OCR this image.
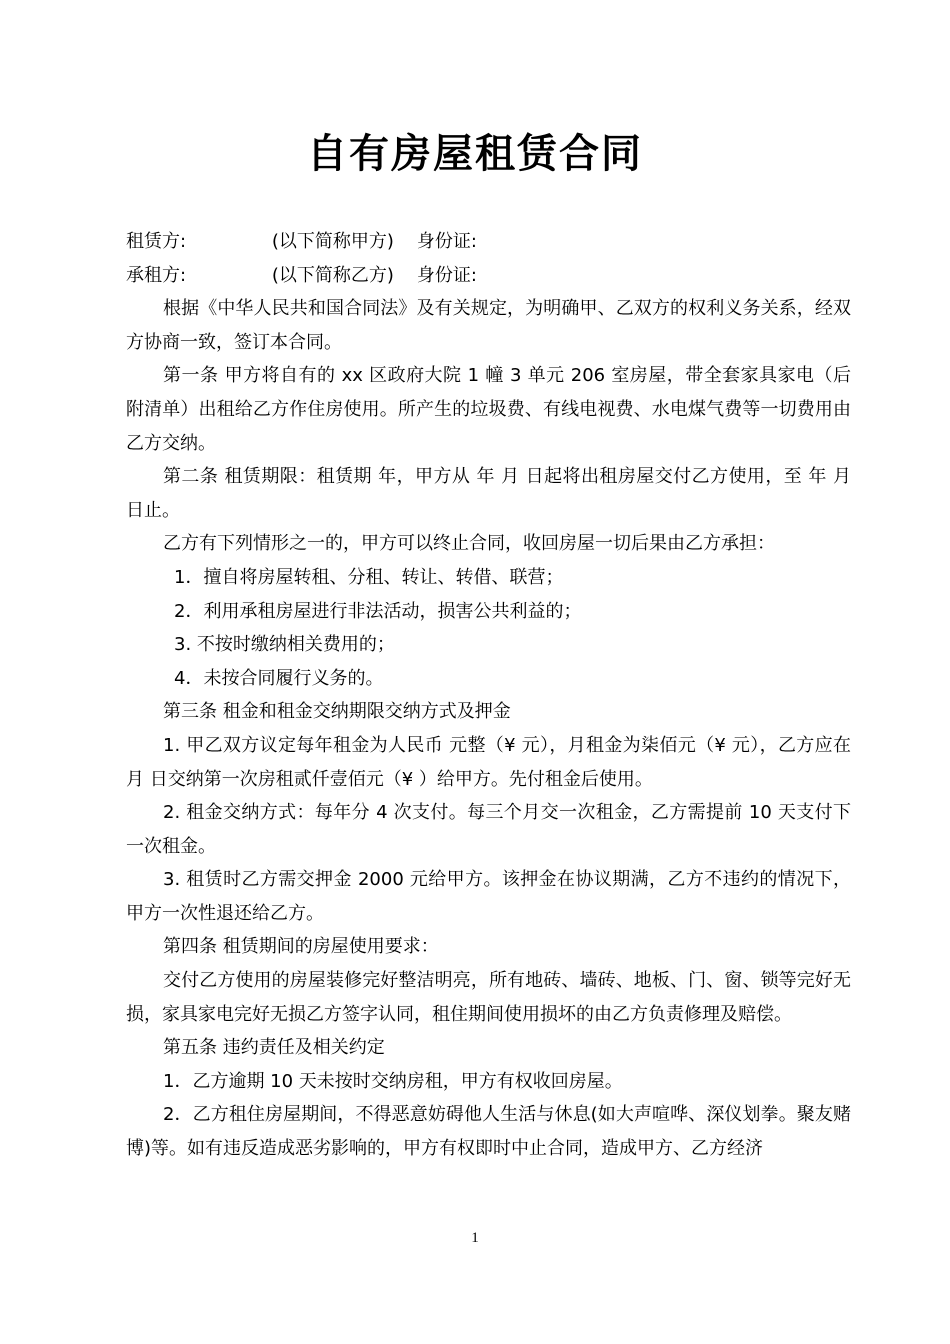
自有房屋租赁合同

租赁方:               (以下简称甲方)    身份证:

承租方:               (以下简称乙方)    身份证:

根据《中华人民共和国合同法》及有关规定，为明确甲、乙双方的权利义务关系，经双方协商一致，签订本合同。

第一条 甲方将自有的 xx 区政府大院 1 幢 3 单元 206 室房屋，带全套家具家电（后附清单）出租给乙方作住房使用。所产生的垃圾费、有线电视费、水电煤气费等一切费用由乙方交纳。

第二条 租赁期限：租赁期 年，甲方从 年 月 日起将出租房屋交付乙方使用，至 年 月 日止。

乙方有下列情形之一的，甲方可以终止合同，收回房屋一切后果由乙方承担：

1．擅自将房屋转租、分租、转让、转借、联营；

2．利用承租房屋进行非法活动，损害公共利益的；

3. 不按时缴纳相关费用的；

4．未按合同履行义务的。

第三条 租金和租金交纳期限交纳方式及押金

1. 甲乙双方议定每年租金为人民币 元整（¥ 元），月租金为柒佰元（¥ 元），乙方应在 月 日交纳第一次房租贰仟壹佰元（¥ ）给甲方。先付租金后使用。

2. 租金交纳方式：每年分 4 次支付。每三个月交一次租金，乙方需提前 10 天支付下一次租金。

3. 租赁时乙方需交押金 2000 元给甲方。该押金在协议期满，乙方不违约的情况下，甲方一次性退还给乙方。

第四条 租赁期间的房屋使用要求：

交付乙方使用的房屋装修完好整洁明亮，所有地砖、墙砖、地板、门、窗、锁等完好无损，家具家电完好无损乙方签字认同，租住期间使用损坏的由乙方负责修理及赔偿。

第五条 违约责任及相关约定

1．乙方逾期 10 天未按时交纳房租，甲方有权收回房屋。

2．乙方租住房屋期间，不得恶意妨碍他人生活与休息(如大声喧哗、深仪划拳。聚友赌博)等。如有违反造成恶劣影响的，甲方有权即时中止合同，造成甲方、乙方经济

1
